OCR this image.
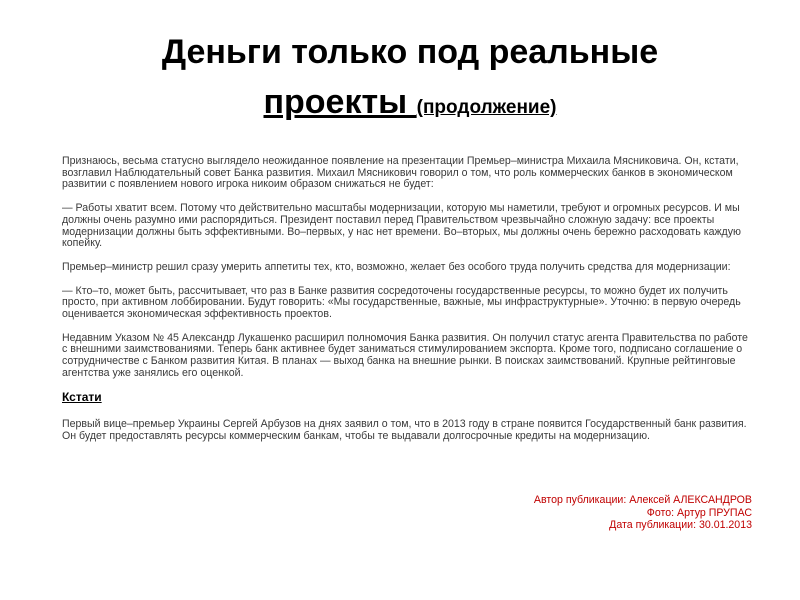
Деньги только под реальные
проекты (продолжение)

Признаюсь, весьма статусно выглядело неожиданное появление на презентации Премьер–министра Михаила Мясниковича. Он, кстати, возглавил Наблюдательный совет Банка развития. Михаил Мясникович говорил о том, что роль коммерческих банков в экономическом развитии с появлением нового игрока никоим образом снижаться не будет:

— Работы хватит всем. Потому что действительно масштабы модернизации, которую мы наметили, требуют и огромных ресурсов. И мы должны очень разумно ими распорядиться. Президент поставил перед Правительством чрезвычайно сложную задачу: все проекты модернизации должны быть эффективными. Во–первых, у нас нет времени. Во–вторых, мы должны очень бережно расходовать каждую копейку.

Премьер–министр решил сразу умерить аппетиты тех, кто, возможно, желает без особого труда получить средства для модернизации:

— Кто–то, может быть, рассчитывает, что раз в Банке развития сосредоточены государственные ресурсы, то можно будет их получить просто, при активном лоббировании. Будут говорить: «Мы государственные, важные, мы инфраструктурные». Уточню: в первую очередь оценивается экономическая эффективность проектов.

Недавним Указом № 45 Александр Лукашенко расширил полномочия Банка развития. Он получил статус агента Правительства по работе с внешними заимствованиями. Теперь банк активнее будет заниматься стимулированием экспорта. Кроме того, подписано соглашение о сотрудничестве с Банком развития Китая. В планах — выход банка на внешние рынки. В поисках заимствований. Крупные рейтинговые агентства уже занялись его оценкой.

Кстати

Первый вице–премьер Украины Сергей Арбузов на днях заявил о том, что в 2013 году в стране появится Государственный банк развития. Он будет предоставлять ресурсы коммерческим банкам, чтобы те выдавали долгосрочные кредиты на модернизацию.

Автор публикации: Алексей АЛЕКСАНДРОВ
Фото: Артур ПРУПАС
Дата публикации: 30.01.2013
